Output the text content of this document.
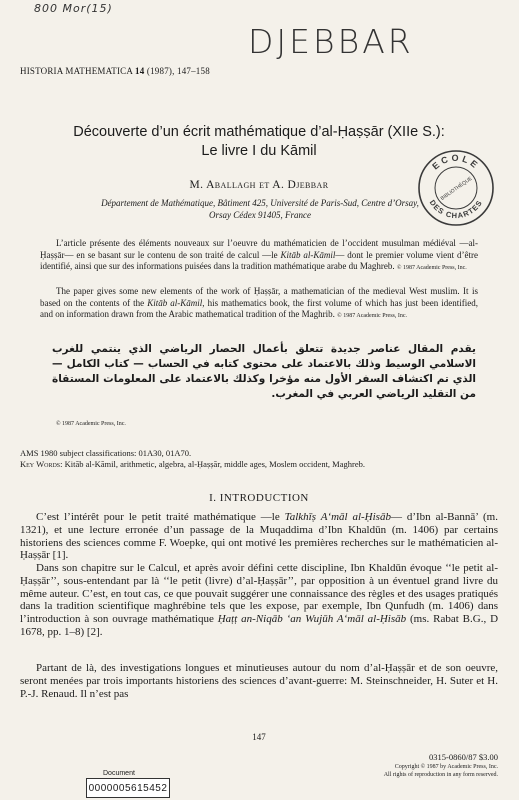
800 Mor(15)
DJEBBAR
HISTORIA MATHEMATICA 14 (1987), 147–158
Découverte d’un écrit mathématique d’al-Ḥaṣṣār (XIIe S.):
Le livre I du Kāmil
M. Aballagh et A. Djebbar
Département de Mathématique, Bâtiment 425, Université de Paris-Sud, Centre d’Orsay,
Orsay Cédex 91405, France
L’article présente des éléments nouveaux sur l’oeuvre du mathématicien de l’occident musulman médiéval —al-Ḥaṣṣār— en se basant sur le contenu de son traité de calcul —le Kitāb al-Kāmil— dont le premier volume vient d’être identifié, ainsi que sur des informations puisées dans la tradition mathématique arabe du Maghreb. © 1987 Academic Press, Inc.
The paper gives some new elements of the work of Ḥaṣṣār, a mathematician of the medieval West muslim. It is based on the contents of the Kitāb al-Kāmil, his mathematics book, the first volume of which has just been identified, and on information drawn from the Arabic mathematical tradition of the Maghrib. © 1987 Academic Press, Inc.
يقدم المقال عناصر جديدة تتعلق بأعمال الحصار الرياضي الذي ينتمي للغرب الاسلامي الوسيط وذلك بالاعتماد على محتوى كتابه في الحساب — كتاب الكامل — الذي تم اكتشاف السفر الأول منه مؤخرا وكذلك بالاعتماد على المعلومات المستقاة من التقليد الرياضي العربي في المغرب.
© 1987 Academic Press, Inc.
AMS 1980 subject classifications: 01A30, 01A70.
Key Words: Kitāb al-Kāmil, arithmetic, algebra, al-Ḥaṣṣār, middle ages, Moslem occident, Maghreb.
I. INTRODUCTION
C’est l’intérêt pour le petit traité mathématique —le Talkhīṣ A‘māl al-Ḥisāb— d’Ibn al-Bannā’ (m. 1321), et une lecture erronée d’un passage de la Muqaddima d’Ibn Khaldūn (m. 1406) par certains historiens des sciences comme F. Woepke, qui ont motivé les premières recherches sur le mathématicien al-Ḥaṣṣār [1].
Dans son chapitre sur le Calcul, et après avoir défini cette discipline, Ibn Khaldūn évoque ‘‘le petit al-Ḥaṣṣār’’, sous-entendant par là ‘‘le petit (livre) d’al-Ḥaṣṣār’’, par opposition à un éventuel grand livre du même auteur. C’est, en tout cas, ce que pouvait suggérer une connaissance des règles et des usages pratiqués dans la tradition scientifique maghrébine tels que les expose, par exemple, Ibn Qunfudh (m. 1406) dans l’introduction à son ouvrage mathématique Ḥaṭṭ an-Niqāb ‘an Wujūh A‘māl al-Ḥisāb (ms. Rabat B.G., D 1678, pp. 1–8) [2].
Partant de là, des investigations longues et minutieuses autour du nom d’al-Ḥaṣṣār et de son oeuvre, seront menées par trois importants historiens des sciences d’avant-guerre: M. Steinschneider, H. Suter et H. P.-J. Renaud. Il n’est pas
147
0315-0860/87 $3.00
Copyright © 1987 by Academic Press, Inc.
All rights of reproduction in any form reserved.
Document
0000005615452
ECOLE
BIBLIOTHÈQUE
DES CHARTES
